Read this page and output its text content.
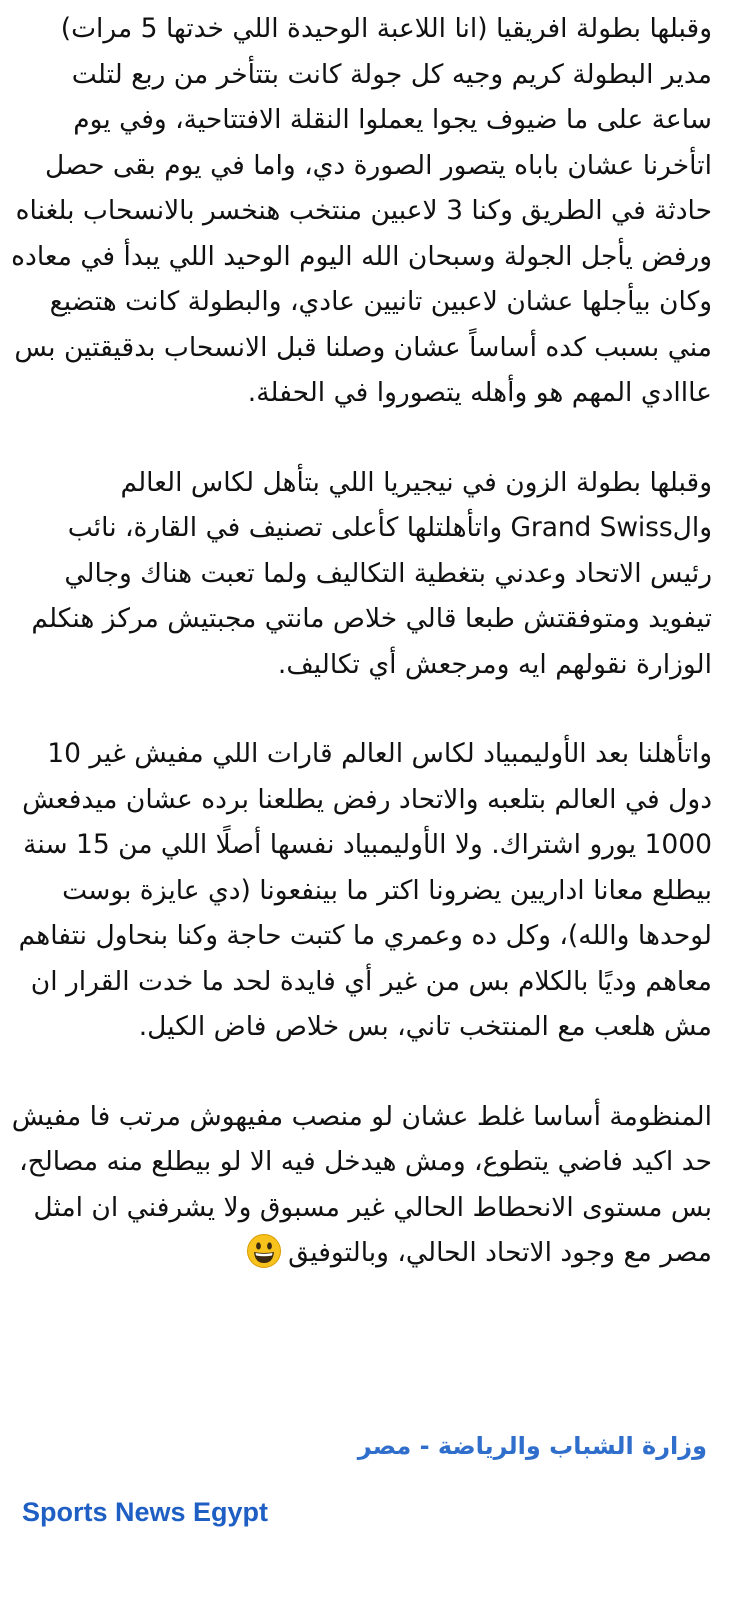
وقبلها بطولة افريقيا (انا اللاعبة الوحيدة اللي خدتها 5 مرات) مدير البطولة كريم وجيه كل جولة كانت بتتأخر من ربع لتلت ساعة على ما ضيوف يجوا يعملوا النقلة الافتتاحية، وفي يوم اتأخرنا عشان باباه يتصور الصورة دي، واما في يوم بقى حصل حادثة في الطريق وكنا 3 لاعبين منتخب هنخسر بالانسحاب بلغناه ورفض يأجل الجولة وسبحان الله اليوم الوحيد اللي يبدأ في معاده وكان بيأجلها عشان لاعبين تانيين عادي، والبطولة كانت هتضيع مني بسبب كده أساساً عشان وصلنا قبل الانسحاب بدقيقتين بس عااادي المهم هو وأهله يتصوروا في الحفلة.

وقبلها بطولة الزون في نيجيريا اللي بتأهل لكاس العالم والGrand Swiss واتأهلتلها كأعلى تصنيف في القارة، نائب رئيس الاتحاد وعدني بتغطية التكاليف ولما تعبت هناك وجالي تيفويد ومتوفقتش طبعا قالي خلاص مانتي مجبتيش مركز هنكلم الوزارة نقولهم ايه ومرجعش أي تكاليف.

واتأهلنا بعد الأوليمبياد لكاس العالم قارات اللي مفيش غير 10 دول في العالم بتلعبه والاتحاد رفض يطلعنا برده عشان ميدفعش 1000 يورو اشتراك. ولا الأوليمبياد نفسها أصلًا اللي من 15 سنة بيطلع معانا اداريين يضرونا اكتر ما بينفعونا (دي عايزة بوست لوحدها والله)، وكل ده وعمري ما كتبت حاجة وكنا بنحاول نتفاهم معاهم وديًا بالكلام بس من غير أي فايدة لحد ما خدت القرار ان مش هلعب مع المنتخب تاني، بس خلاص فاض الكيل.

المنظومة أساسا غلط عشان لو منصب مفيهوش مرتب فا مفيش حد اكيد فاضي يتطوع، ومش هيدخل فيه الا لو بيطلع منه مصالح، بس مستوى الانحطاط الحالي غير مسبوق ولا يشرفني ان امثل مصر مع وجود الاتحاد الحالي، وبالتوفيق

وزارة الشباب والرياضة - مصر
Sports News Egypt
